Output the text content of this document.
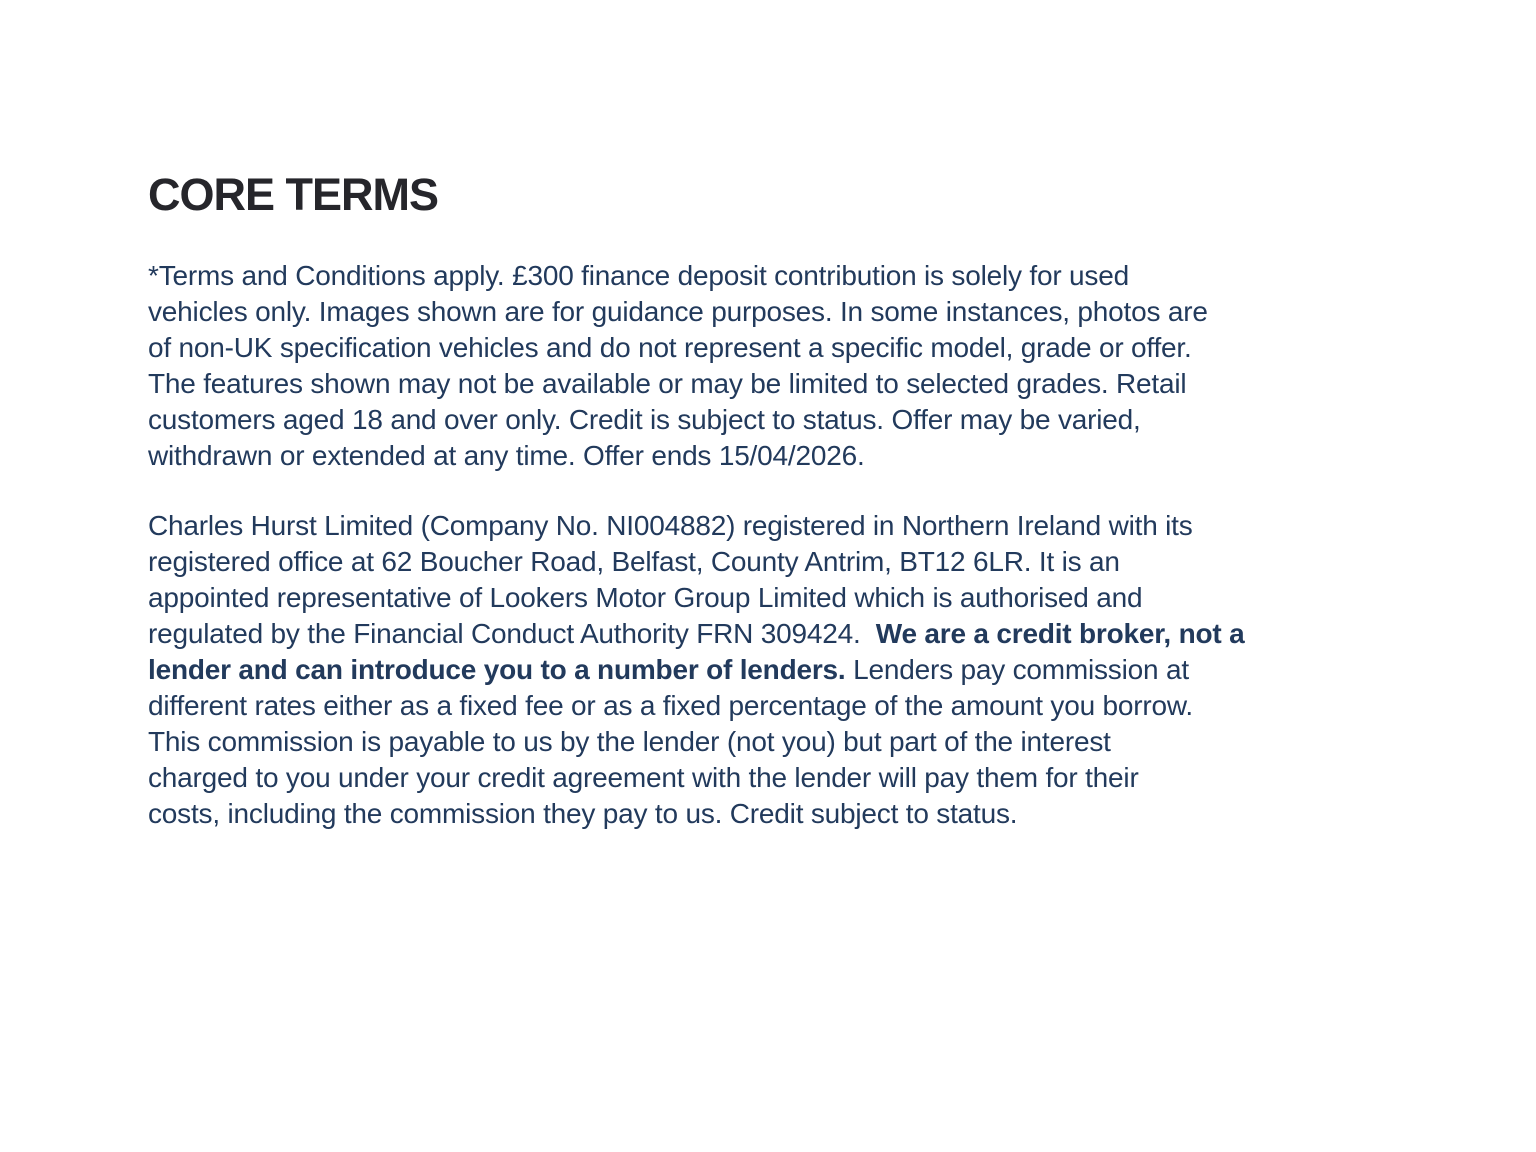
CORE TERMS
*Terms and Conditions apply. £300 finance deposit contribution is solely for used
vehicles only. Images shown are for guidance purposes. In some instances, photos are
of non-UK specification vehicles and do not represent a specific model, grade or offer.
The features shown may not be available or may be limited to selected grades. Retail
customers aged 18 and over only. Credit is subject to status. Offer may be varied,
withdrawn or extended at any time. Offer ends 15/04/2026.
Charles Hurst Limited (Company No. NI004882) registered in Northern Ireland with its
registered office at 62 Boucher Road, Belfast, County Antrim, BT12 6LR. It is an
appointed representative of Lookers Motor Group Limited which is authorised and
regulated by the Financial Conduct Authority FRN 309424.  We are a credit broker, not a
lender and can introduce you to a number of lenders. Lenders pay commission at
different rates either as a fixed fee or as a fixed percentage of the amount you borrow.
This commission is payable to us by the lender (not you) but part of the interest
charged to you under your credit agreement with the lender will pay them for their
costs, including the commission they pay to us. Credit subject to status.
